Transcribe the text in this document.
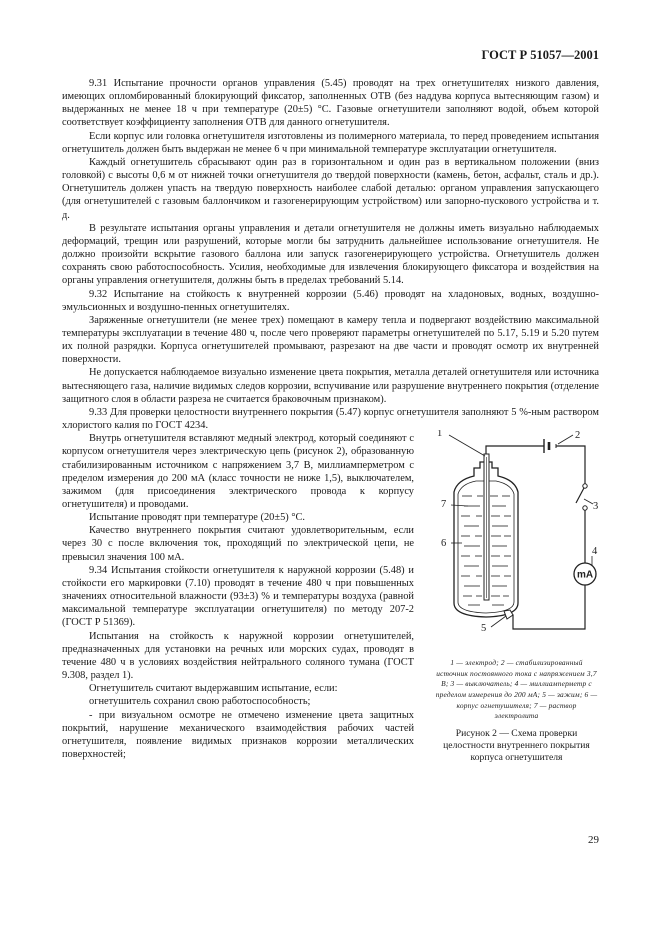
ГОСТ Р 51057—2001

9.31 Испытание прочности органов управления (5.45) проводят на трех огнетушителях низкого давления, имеющих опломбированный блокирующий фиксатор, заполненных ОТВ (без наддува корпуса вытесняющим газом) и выдержанных не менее 18 ч при температуре (20±5) °С. Газовые огнетушители заполняют водой, объем которой соответствует коэффициенту заполнения ОТВ для данного огнетушителя.

Если корпус или головка огнетушителя изготовлены из полимерного материала, то перед проведением испытания огнетушитель должен быть выдержан не менее 6 ч при минимальной температуре эксплуатации огнетушителя.

Каждый огнетушитель сбрасывают один раз в горизонтальном и один раз в вертикальном положении (вниз головкой) с высоты 0,6 м от нижней точки огнетушителя до твердой поверхности (камень, бетон, асфальт, сталь и др.). Огнетушитель должен упасть на твердую поверхность наиболее слабой деталью: органом управления запускающего (для огнетушителей с газовым баллончиком и газогенерирующим устройством) или запорно-пускового устройства и т. д.

В результате испытания органы управления и детали огнетушителя не должны иметь визуально наблюдаемых деформаций, трещин или разрушений, которые могли бы затруднить дальнейшее использование огнетушителя. Не должно произойти вскрытие газового баллона или запуск газогенерирующего устройства. Огнетушитель должен сохранять свою работоспособность. Усилия, необходимые для извлечения блокирующего фиксатора и воздействия на органы управления огнетушителя, должны быть в пределах требований 5.14.

9.32 Испытание на стойкость к внутренней коррозии (5.46) проводят на хладоновых, водных, воздушно-эмульсионных и воздушно-пенных огнетушителях.

Заряженные огнетушители (не менее трех) помещают в камеру тепла и подвергают воздействию максимальной температуры эксплуатации в течение 480 ч, после чего проверяют параметры огнетушителей по 5.17, 5.19 и 5.20 путем их полной разрядки. Корпуса огнетушителей промывают, разрезают на две части и проводят осмотр их внутренней поверхности.

Не допускается наблюдаемое визуально изменение цвета покрытия, металла деталей огнетушителя или источника вытесняющего газа, наличие видимых следов коррозии, вспучивание или разрушение внутреннего покрытия (отделение защитного слоя в области разреза не считается браковочным признаком).

9.33 Для проверки целостности внутреннего покрытия (5.47) корпус огнетушителя заполняют 5 %-ным раствором хлористого калия по ГОСТ 4234.

Внутрь огнетушителя вставляют медный электрод, который соединяют с корпусом огнетушителя через электрическую цепь (рисунок 2), образованную стабилизированным источником с напряжением 3,7 В, миллиамперметром с пределом измерения до 200 мА (класс точности не ниже 1,5), выключателем, зажимом (для присоединения электрического провода к корпусу огнетушителя) и проводами.

Испытание проводят при температуре (20±5) °С.

Качество внутреннего покрытия считают удовлетворительным, если через 30 с после включения ток, проходящий по электрической цепи, не превысил значения 100 мА.

9.34 Испытания стойкости огнетушителя к наружной коррозии (5.48) и стойкости его маркировки (7.10) проводят в течение 480 ч при повышенных значениях относительной влажности (93±3) % и температуры воздуха (равной максимальной температуре эксплуатации огнетушителя) по методу 207-2 (ГОСТ Р 51369).

Испытания на стойкость к наружной коррозии огнетушителей, предназначенных для установки на речных или морских судах, проводят в течение 480 ч в условиях воздействия нейтрального соляного тумана (ГОСТ 9.308, раздел 1).

Огнетушитель считают выдержавшим испытание, если:

огнетушитель сохранил свою работоспособность;

- при визуальном осмотре не отмечено изменение цвета защитных покрытий, нарушение механического взаимодействия рабочих частей огнетушителя, появление видимых признаков коррозии металлических поверхностей;

mA
1	2
3
4
5
6
7
1 — электрод; 2 — стабилизированный источник постоянного тока с напряжением 3,7 В; 3 — выключатель; 4 — миллиамперметр с пределом измерения до 200 мА; 5 — зажим; 6 — корпус огнетушителя; 7 — раствор электролита
Рисунок 2 — Схема проверки целостности внутреннего покрытия корпуса огнетушителя
29
